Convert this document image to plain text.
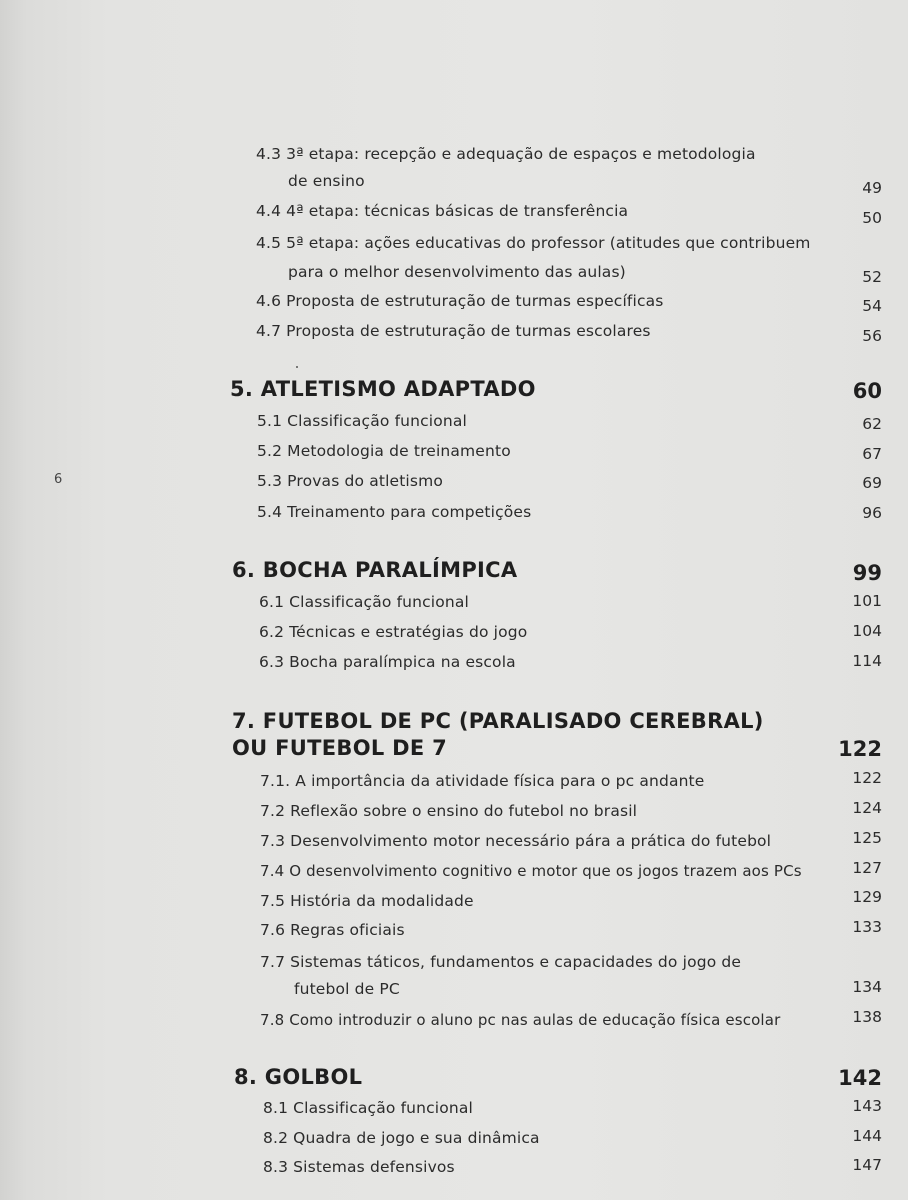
6
4.3 3ª etapa: recepção e adequação de espaços e metodologia
de ensino	49
4.4 4ª etapa: técnicas básicas de transferência	50
4.5 5ª etapa: ações educativas do professor (atitudes que contribuem
para o melhor desenvolvimento das aulas)	52
4.6 Proposta de estruturação de turmas específicas	54
4.7 Proposta de estruturação de turmas escolares	56
5. ATLETISMO ADAPTADO	60
5.1 Classificação funcional	62
5.2 Metodologia de treinamento	67
5.3 Provas do atletismo	69
5.4 Treinamento para competições	96
6. BOCHA PARALÍMPICA	99
6.1 Classificação funcional	101
6.2 Técnicas e estratégias do jogo	104
6.3 Bocha paralímpica na escola	114
7. FUTEBOL DE PC (PARALISADO CEREBRAL)
OU FUTEBOL DE 7	122
7.1. A importância da atividade física para o pc andante	122
7.2 Reflexão sobre o ensino do futebol no brasil	124
7.3 Desenvolvimento motor necessário pára a prática do futebol	125
7.4 O desenvolvimento cognitivo e motor que os jogos trazem aos PCs	127
7.5 História da modalidade	129
7.6 Regras oficiais	133
7.7 Sistemas táticos, fundamentos e capacidades do jogo de
futebol de PC	134
7.8 Como introduzir o aluno pc nas aulas de educação física escolar	138
8. GOLBOL	142
8.1 Classificação funcional	143
8.2 Quadra de jogo e sua dinâmica	144
8.3 Sistemas defensivos	147
